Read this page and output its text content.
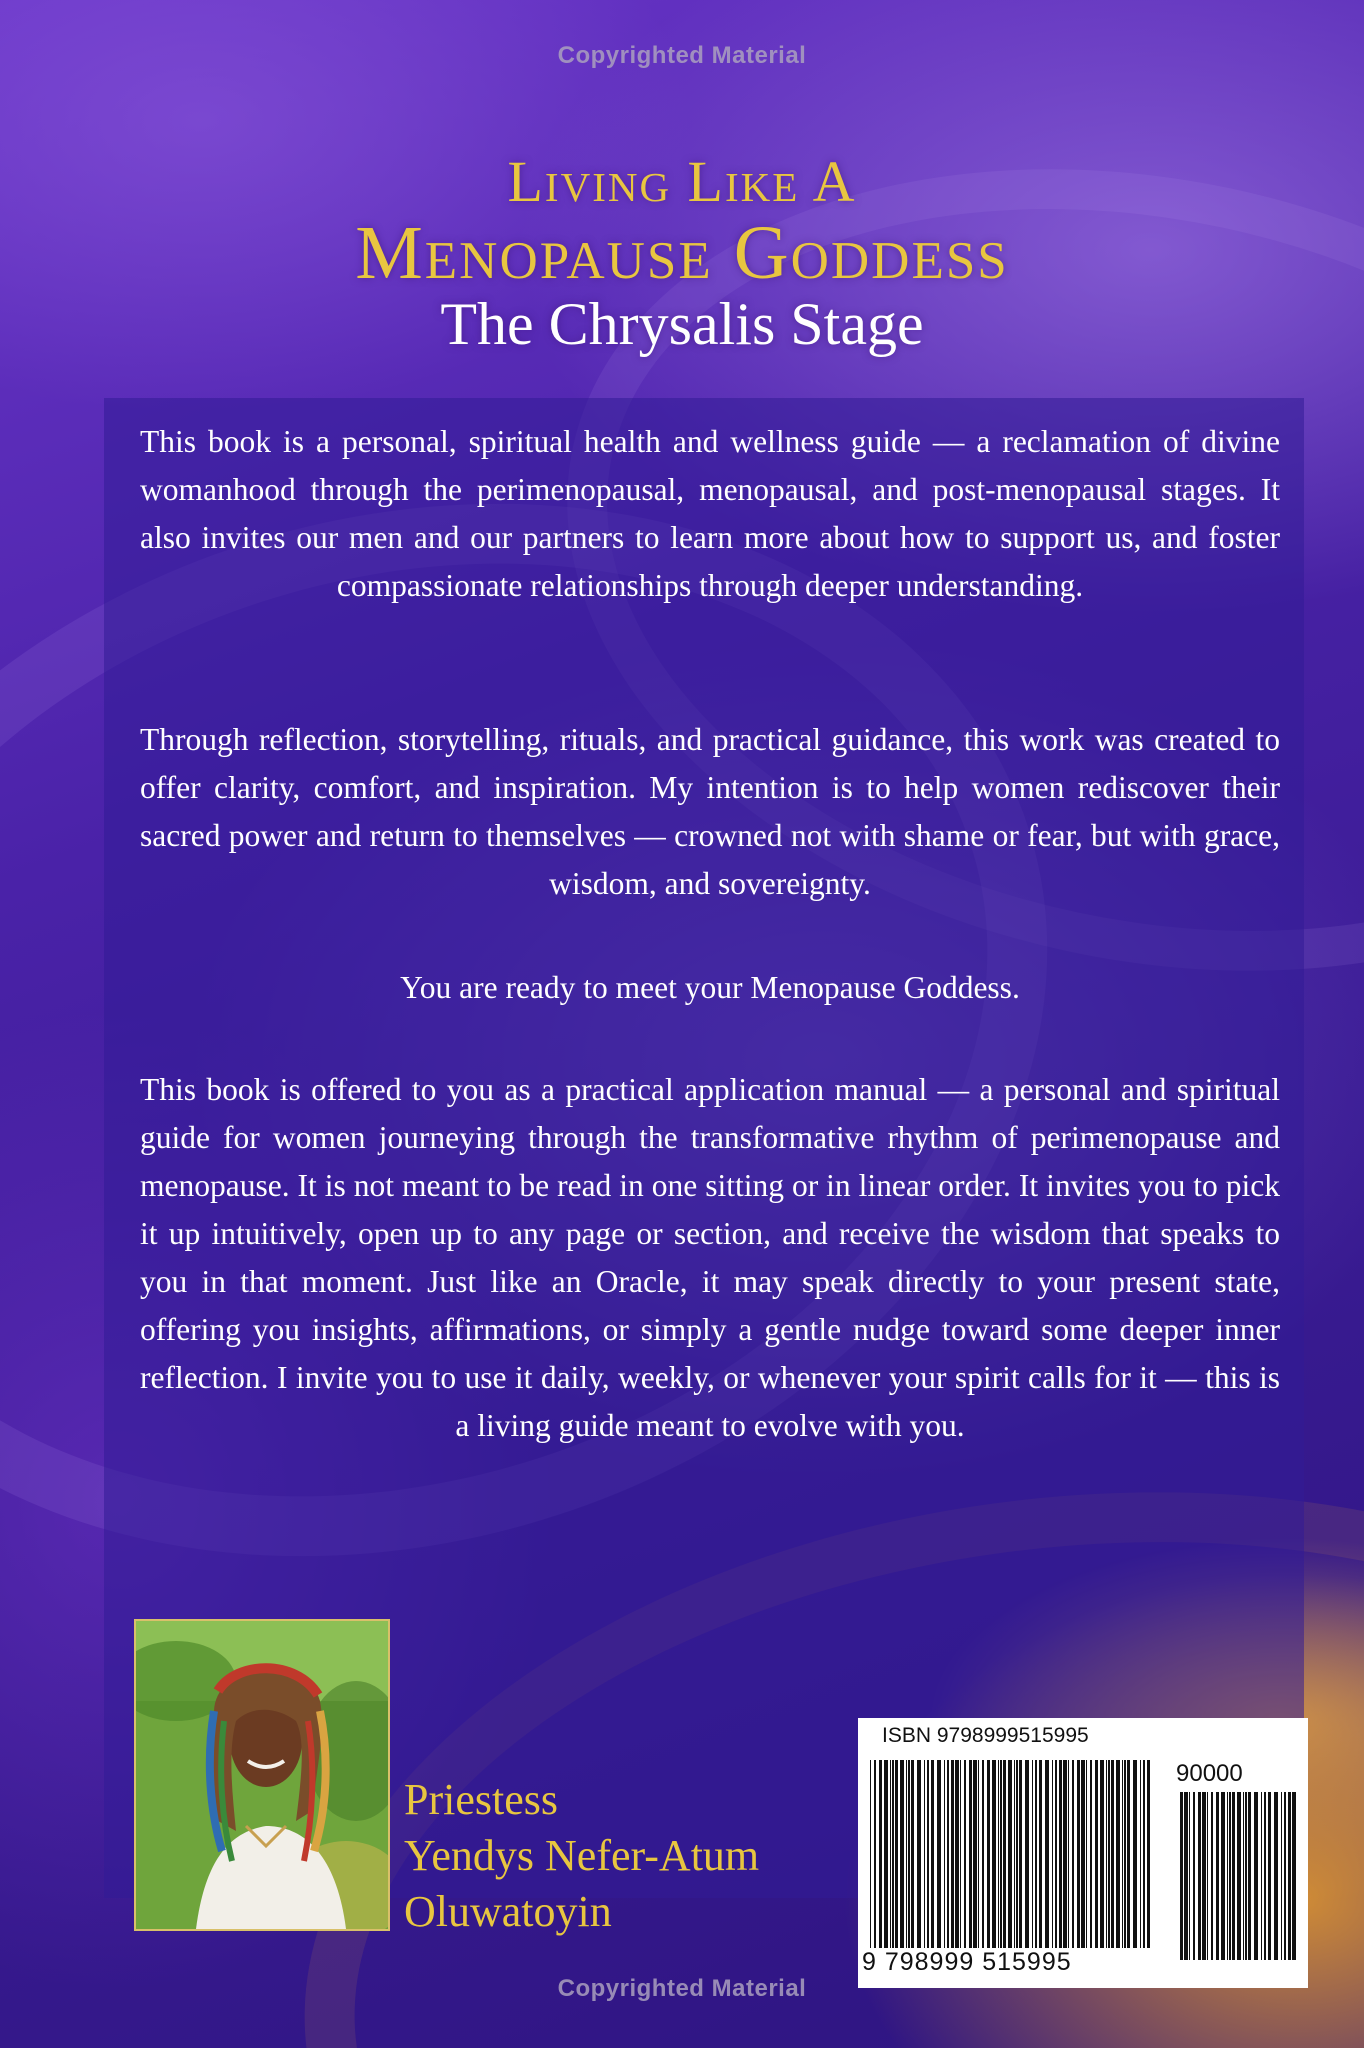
Copyrighted Material
Living Like A
Menopause Goddess
The Chrysalis Stage
This book is a personal, spiritual health and wellness guide — a reclamation of divine womanhood through the perimenopausal, menopausal, and post-menopausal stages. It also invites our men and our partners to learn more about how to support us, and foster compassionate relationships through deeper understanding.
Through reflection, storytelling, rituals, and practical guidance, this work was created to offer clarity, comfort, and inspiration. My intention is to help women rediscover their sacred power and return to themselves — crowned not with shame or fear, but with grace, wisdom, and sovereignty.
You are ready to meet your Menopause Goddess.
This book is offered to you as a practical application manual — a personal and spiritual guide for women journeying through the transformative rhythm of perimenopause and menopause. It is not meant to be read in one sitting or in linear order. It invites you to pick it up intuitively, open up to any page or section, and receive the wisdom that speaks to you in that moment. Just like an Oracle, it may speak directly to your present state, offering you insights, affirmations, or simply a gentle nudge toward some deeper inner reflection. I invite you to use it daily, weekly, or whenever your spirit calls for it — this is a living guide meant to evolve with you.
Priestess
Yendys Nefer-Atum
Oluwatoyin
ISBN 9798999515995
90000
9 798999 515995
Copyrighted Material
